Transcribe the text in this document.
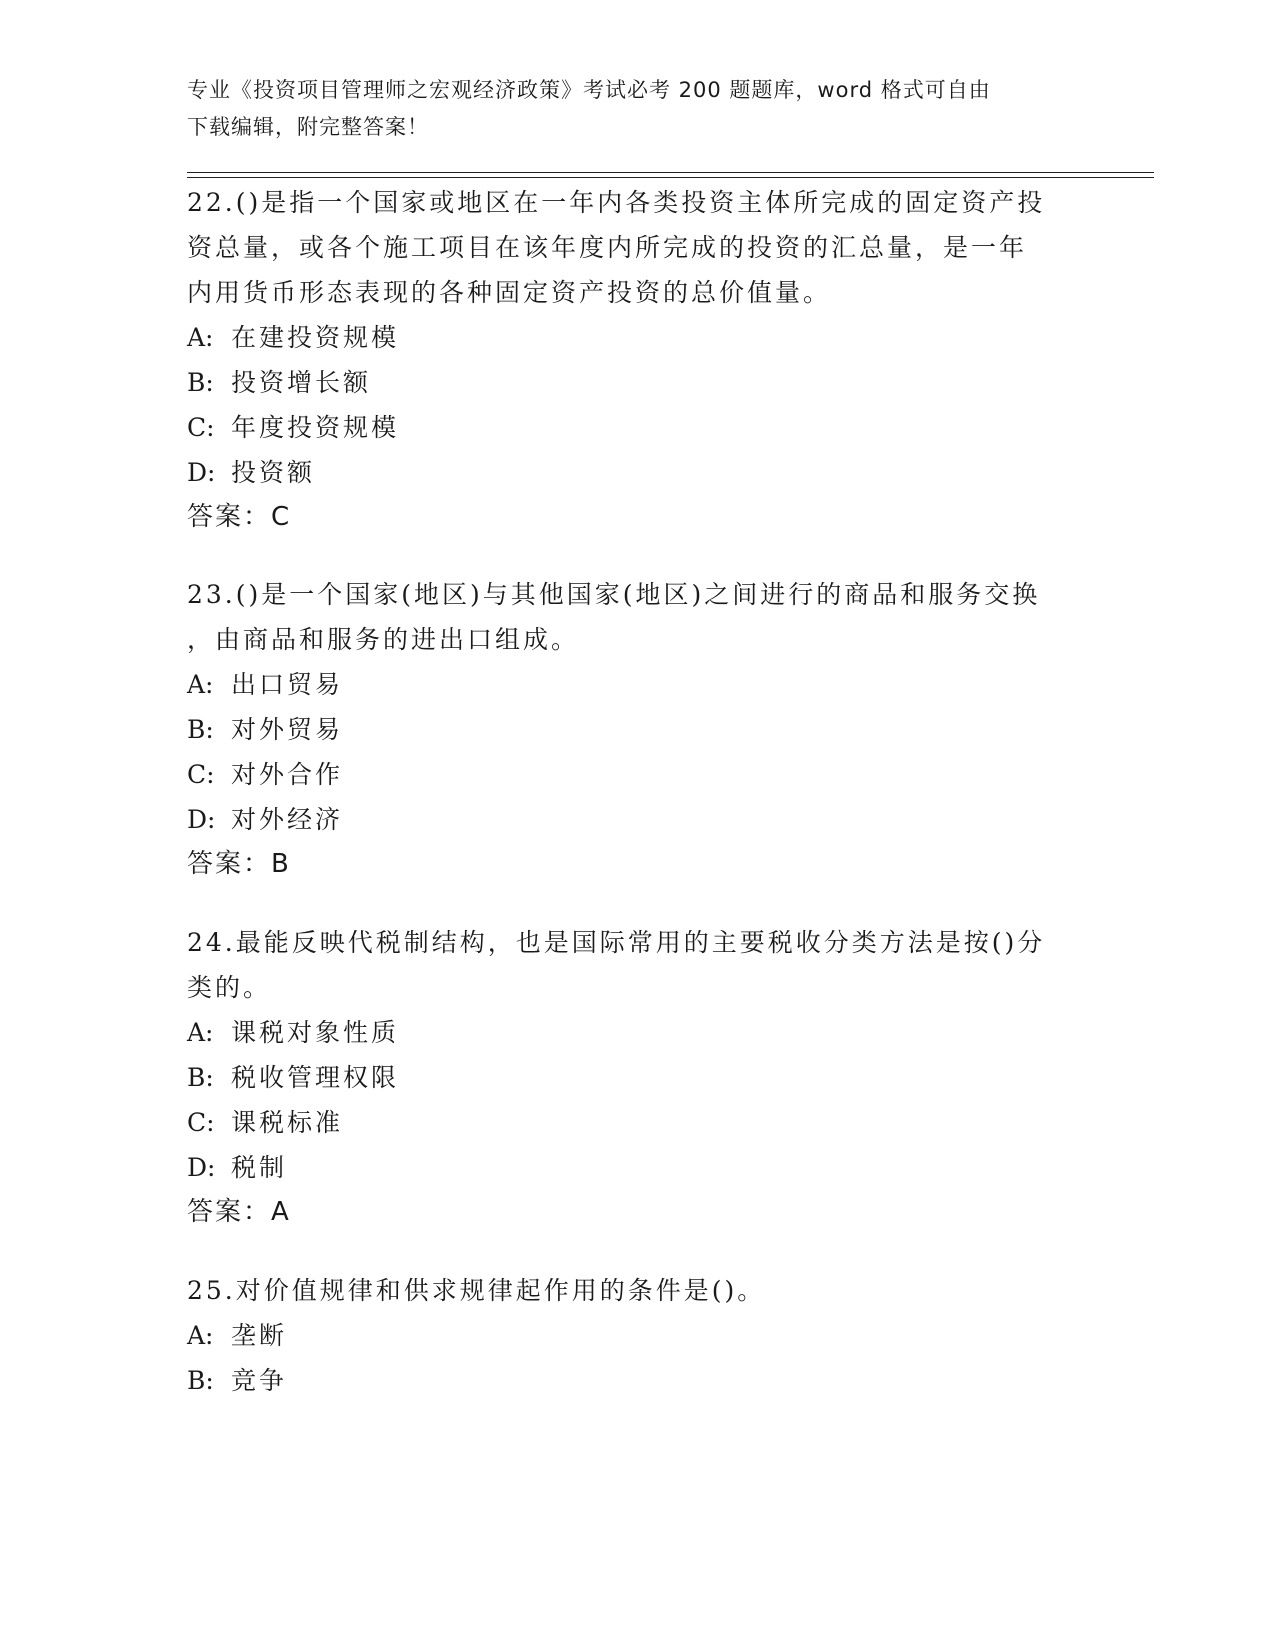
专业《投资项目管理师之宏观经济政策》考试必考 200 题题库，word 格式可自由
下载编辑，附完整答案！

22.()是指一个国家或地区在一年内各类投资主体所完成的固定资产投

资总量，或各个施工项目在该年度内所完成的投资的汇总量，是一年

内用货币形态表现的各种固定资产投资的总价值量。

A: 在建投资规模

B: 投资增长额

C: 年度投资规模

D: 投资额

答案：C

23.()是一个国家(地区)与其他国家(地区)之间进行的商品和服务交换

，由商品和服务的进出口组成。

A: 出口贸易

B: 对外贸易

C: 对外合作

D: 对外经济

答案：B

24.最能反映代税制结构，也是国际常用的主要税收分类方法是按()分

类的。

A: 课税对象性质

B: 税收管理权限

C: 课税标准

D: 税制

答案：A

25.对价值规律和供求规律起作用的条件是()。

A: 垄断

B: 竞争
